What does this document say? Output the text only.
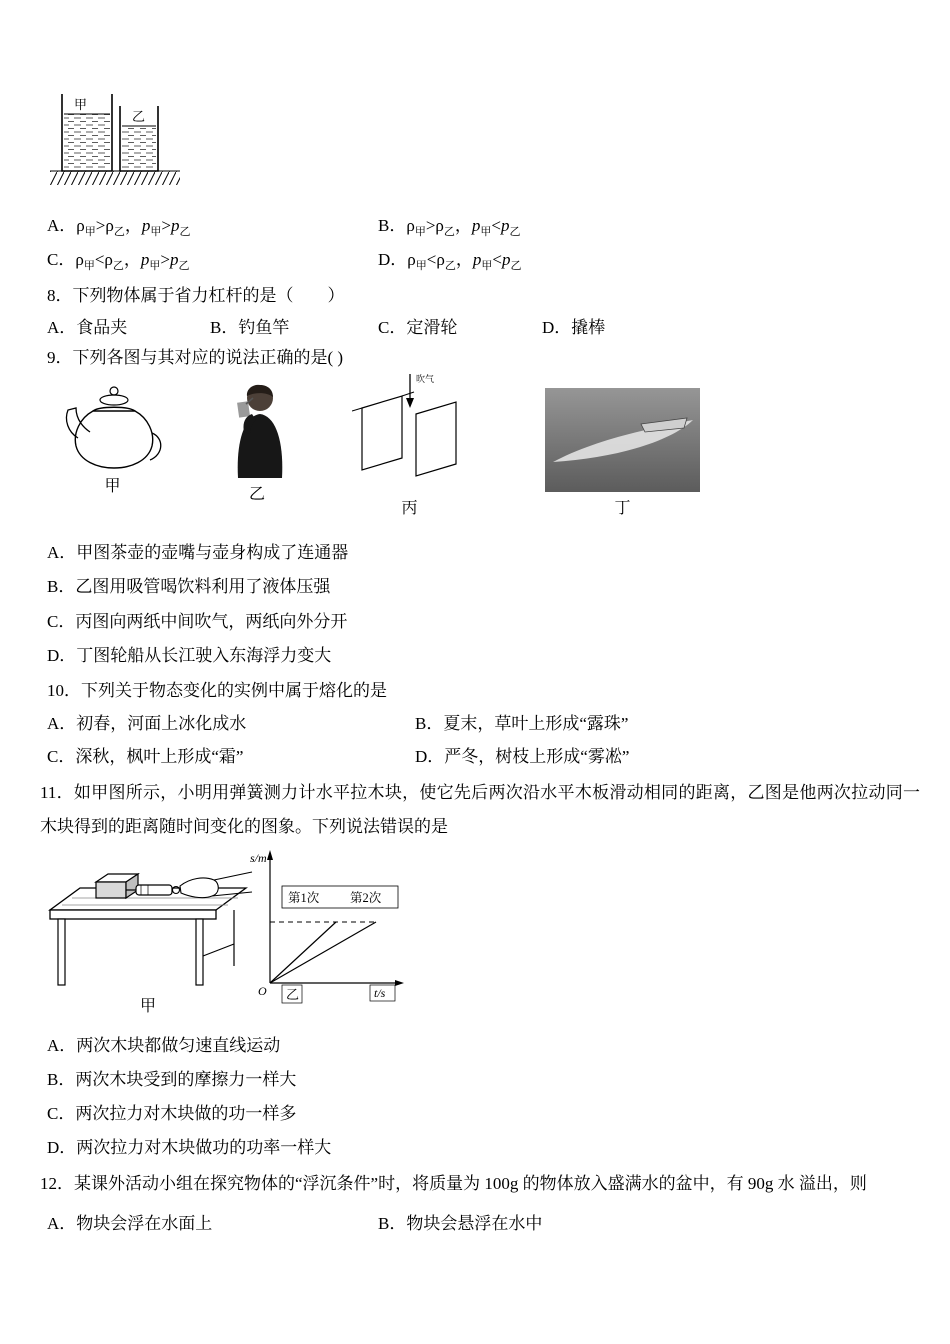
甲
乙
A．$\rho_甲>\rho_乙$，$p_甲>p_乙$	B．$\rho_甲>\rho_乙$，$p_甲<p_乙$
C．$\rho_甲<\rho_乙$，$p_甲>p_乙$	D．$\rho_甲<\rho_乙$，$p_甲<p_乙$
8．下列物体属于省力杠杆的是（　　）
A．食品夹	B．钓鱼竿	C．定滑轮	D．撬棒
9．下列各图与其对应的说法正确的是( )
甲	乙
吹气
丙	丁
A．甲图茶壶的壶嘴与壶身构成了连通器
B．乙图用吸管喝饮料利用了液体压强
C．丙图向两纸中间吹气，两纸向外分开
D．丁图轮船从长江驶入东海浮力变大
10．下列关于物态变化的实例中属于熔化的是
A．初春，河面上冰化成水	B．夏末，草叶上形成“露珠”
C．深秋，枫叶上形成“霜”	D．严冬，树枝上形成“雾凇”
11．如甲图所示，小明用弹簧测力计水平拉木块，使它先后两次沿水平木板滑动相同的距离，乙图是他两次拉动同一木块得到的距离随时间变化的图象。下列说法错误的是
甲
s/m
第1次 第2次
O 乙	t/s
A．两次木块都做匀速直线运动
B．两次木块受到的摩擦力一样大
C．两次拉力对木块做的功一样多
D．两次拉力对木块做功的功率一样大
12．某课外活动小组在探究物体的“浮沉条件”时，将质量为 100g 的物体放入盛满水的盆中，有 90g 水 溢出，则
A．物块会浮在水面上	B．物块会悬浮在水中
